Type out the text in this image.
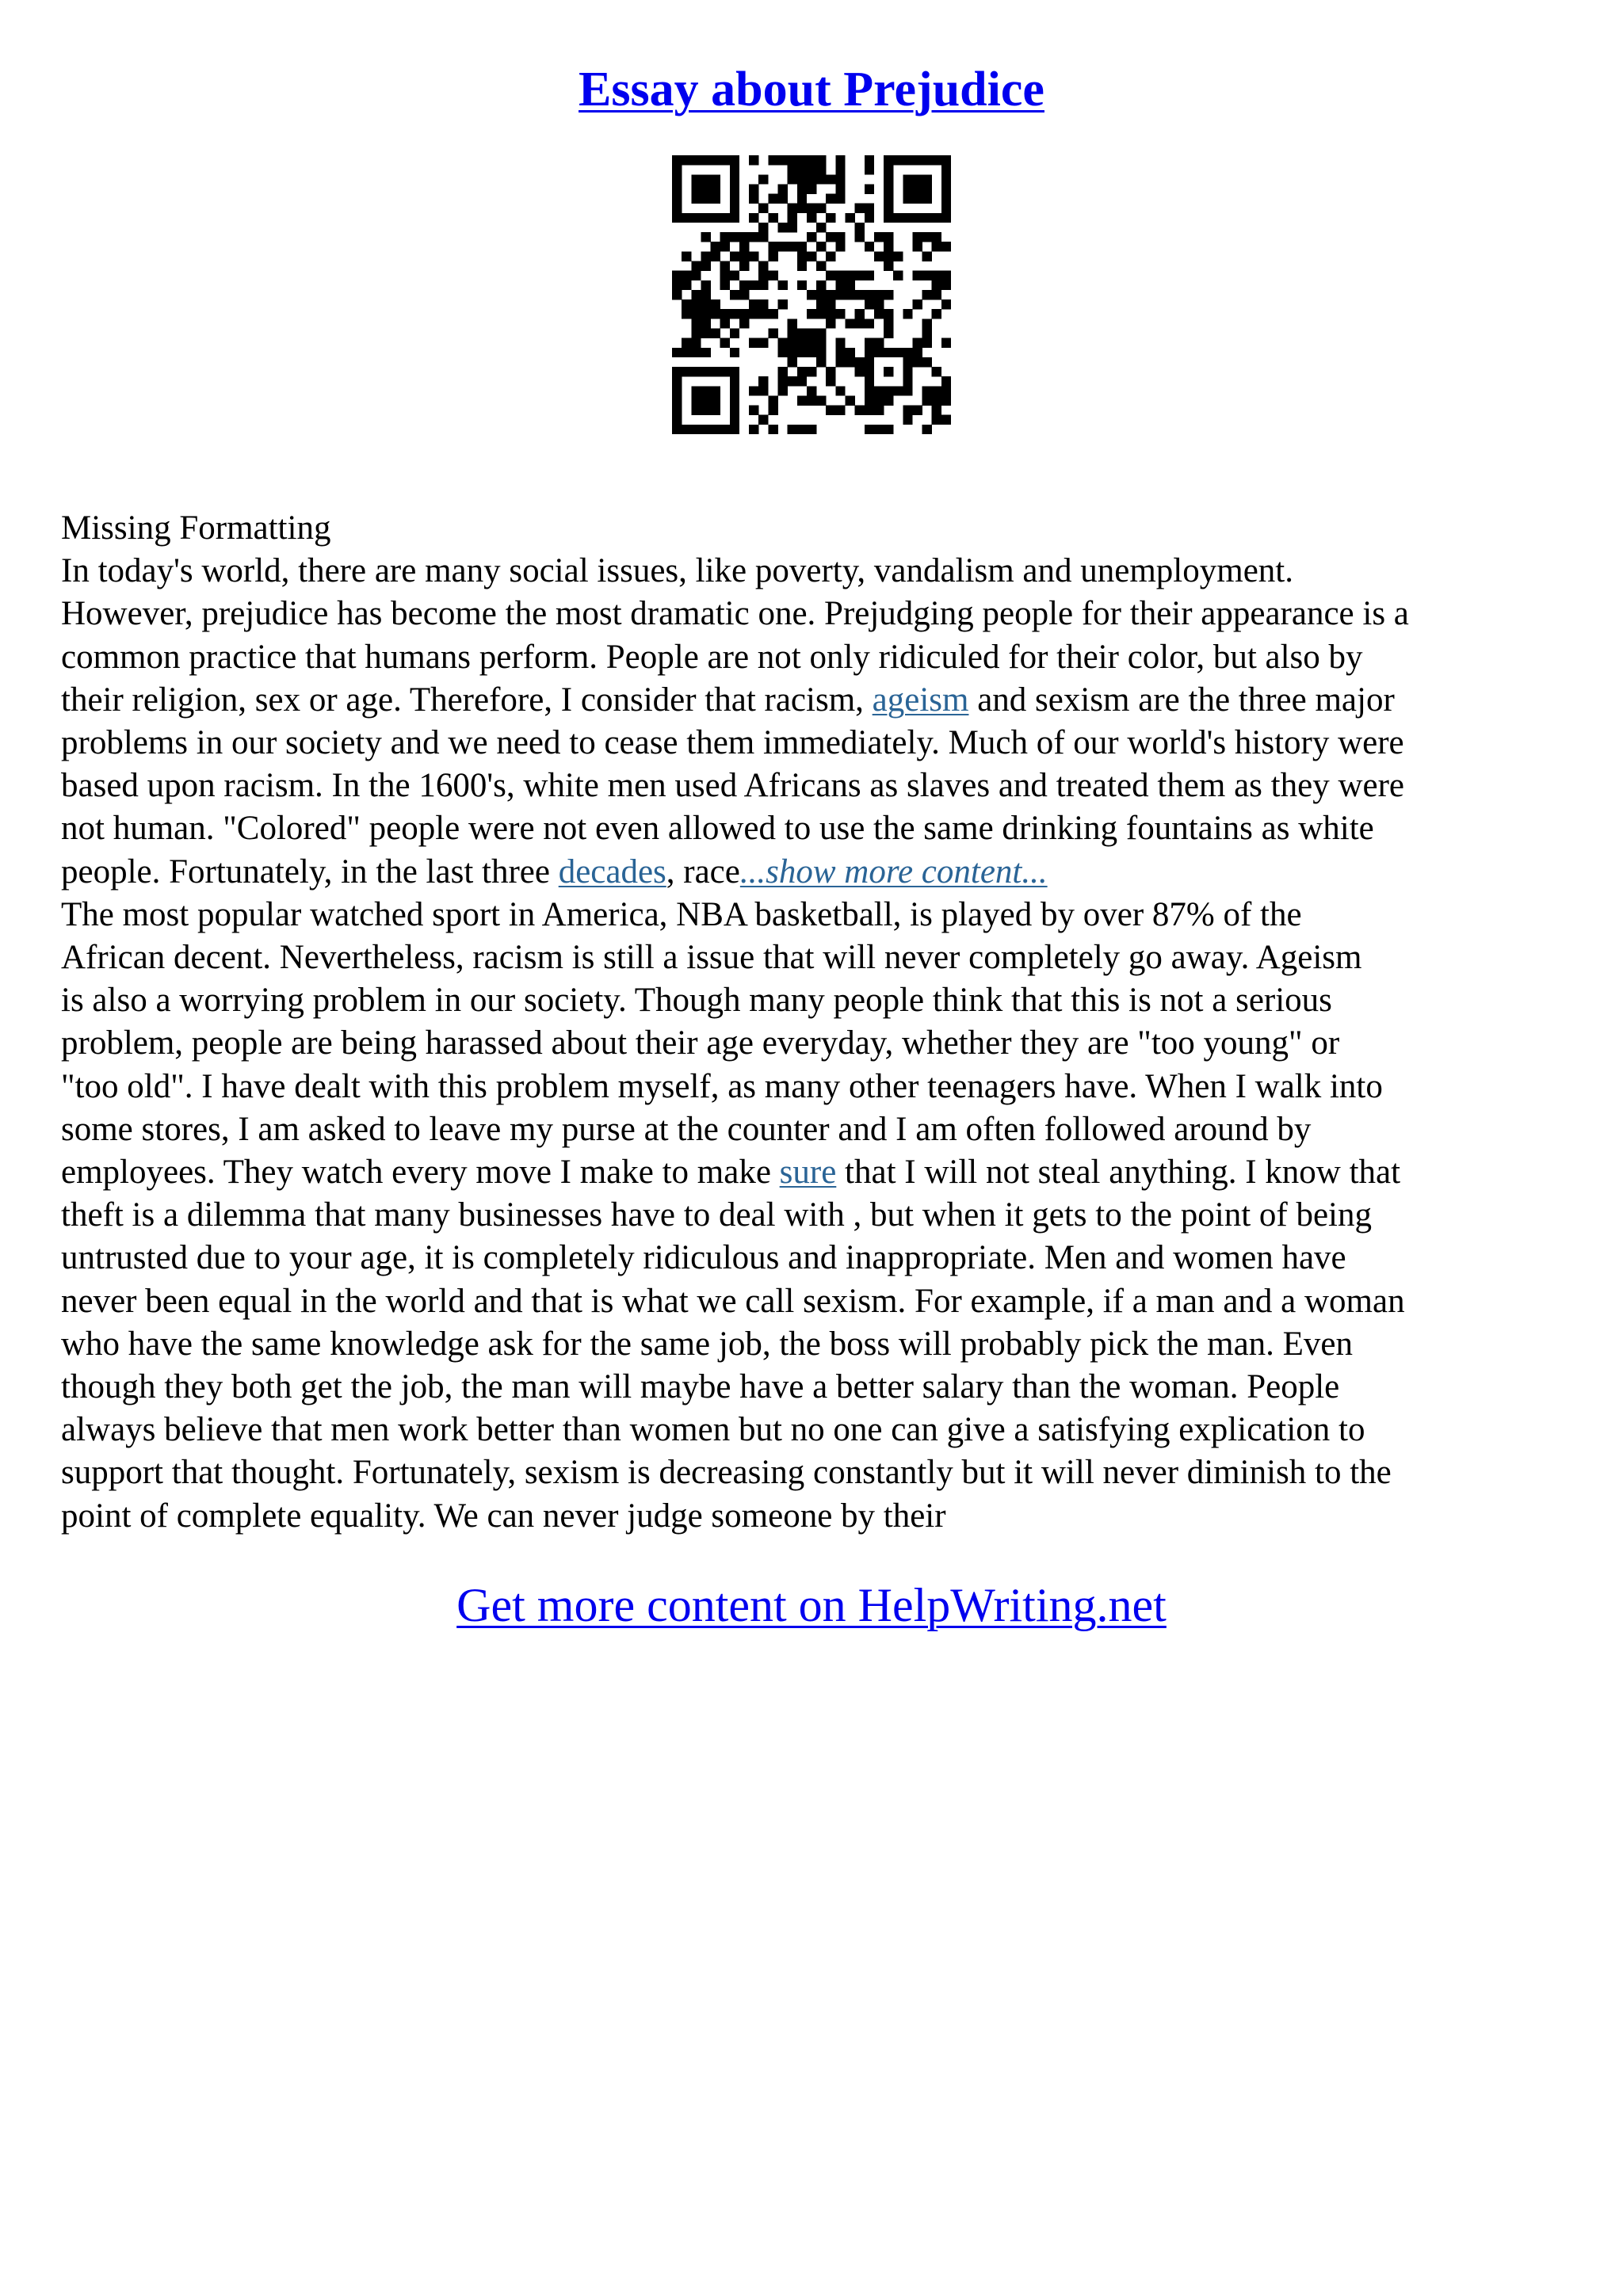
Essay about Prejudice

Missing Formatting

In today's world, there are many social issues, like poverty, vandalism and unemployment.
However, prejudice has become the most dramatic one. Prejudging people for their appearance is a
common practice that humans perform. People are not only ridiculed for their color, but also by
their religion, sex or age. Therefore, I consider that racism, ageism and sexism are the three major
problems in our society and we need to cease them immediately. Much of our world's history were
based upon racism. In the 1600's, white men used Africans as slaves and treated them as they were
not human. "Colored" people were not even allowed to use the same drinking fountains as white
people. Fortunately, in the last three decades, race...show more content...
The most popular watched sport in America, NBA basketball, is played by over 87% of the
African decent. Nevertheless, racism is still a issue that will never completely go away. Ageism
is also a worrying problem in our society. Though many people think that this is not a serious
problem, people are being harassed about their age everyday, whether they are "too young" or
"too old". I have dealt with this problem myself, as many other teenagers have. When I walk into
some stores, I am asked to leave my purse at the counter and I am often followed around by
employees. They watch every move I make to make sure that I will not steal anything. I know that
theft is a dilemma that many businesses have to deal with , but when it gets to the point of being
untrusted due to your age, it is completely ridiculous and inappropriate. Men and women have
never been equal in the world and that is what we call sexism. For example, if a man and a woman
who have the same knowledge ask for the same job, the boss will probably pick the man. Even
though they both get the job, the man will maybe have a better salary than the woman. People
always believe that men work better than women but no one can give a satisfying explication to
support that thought. Fortunately, sexism is decreasing constantly but it will never diminish to the
point of complete equality. We can never judge someone by their
Get more content on HelpWriting.net
